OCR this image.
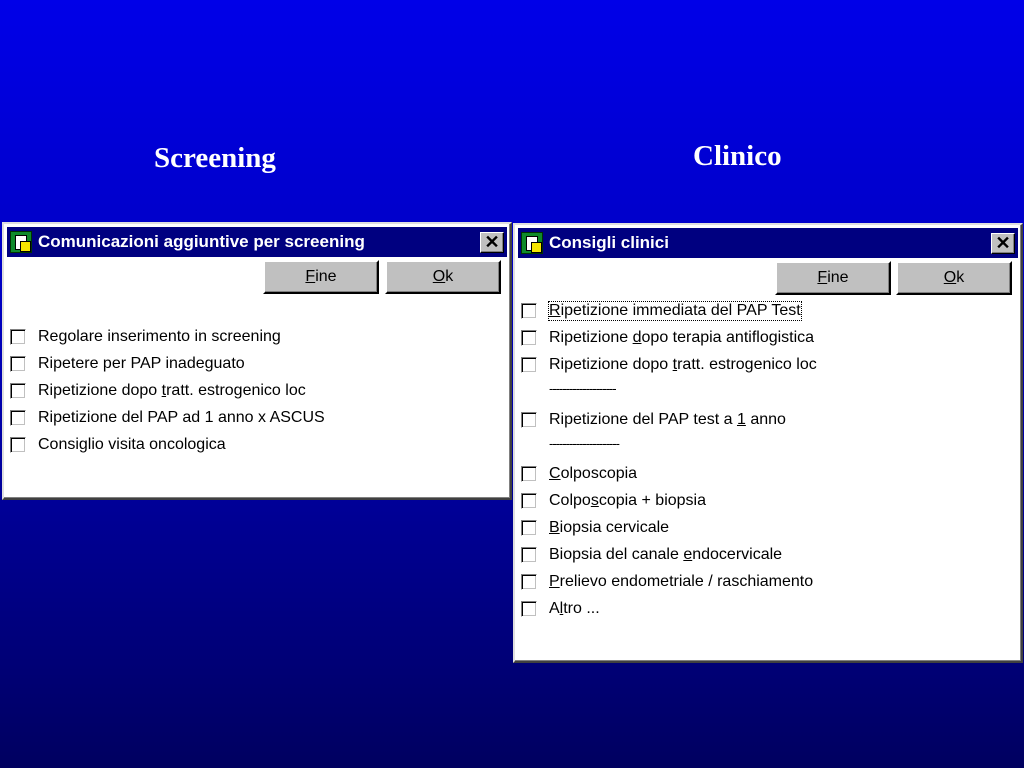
Screening	Clinico
Comunicazioni aggiuntive per screening	✕
F ine	O k
Regolare inserimento in screening
Ripetere per PAP inadeguato
Ripetizione dopo tratt. estrogenico loc
Ripetizione del PAP ad 1 anno x ASCUS
Consiglio visita oncologica
Consigli clinici	✕
F ine	O k
Ripetizione immediata del PAP Test
Ripetizione dopo terapia antiflogistica
Ripetizione dopo tratt. estrogenico loc
--------------------
Ripetizione del PAP test a 1 anno
---------------------
Colposcopia
Colposcopia + biopsia
Biopsia cervicale
Biopsia del canale endocervicale
Prelievo endometriale / raschiamento
Altro ...
